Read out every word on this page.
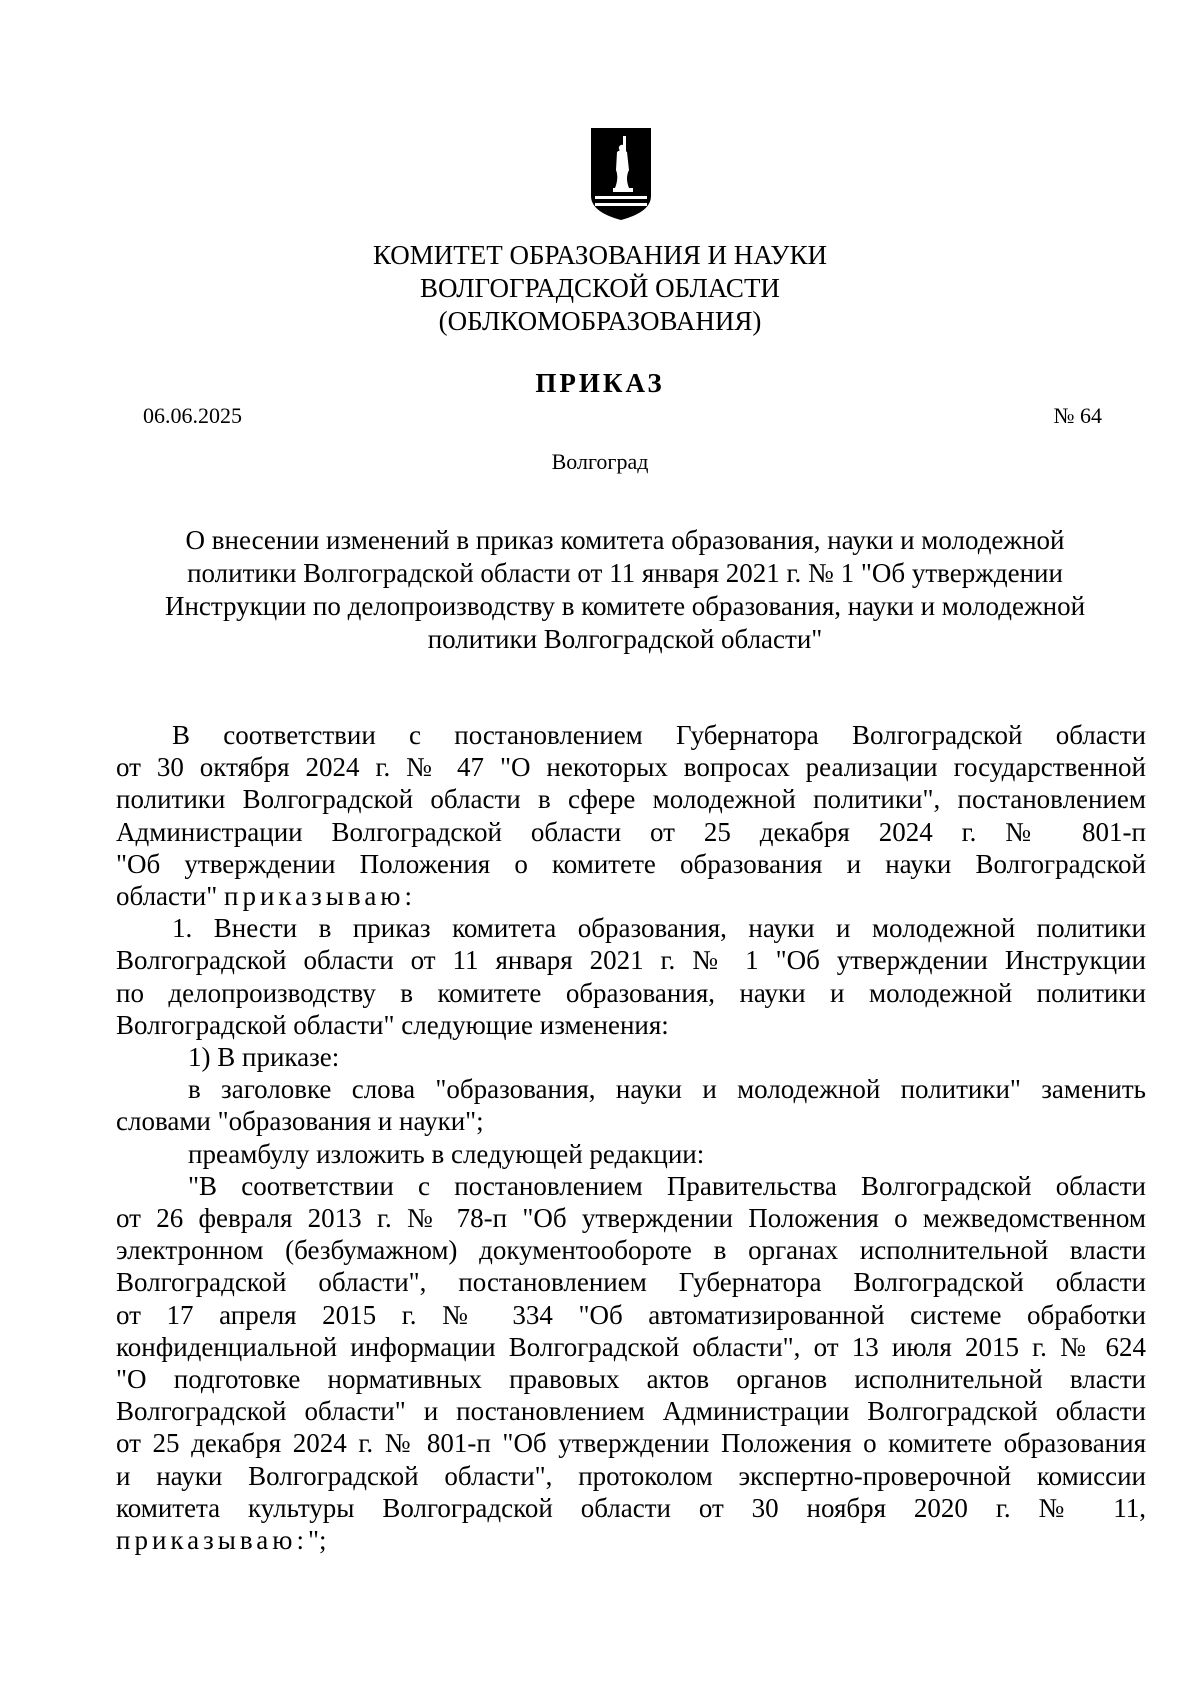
КОМИТЕТ ОБРАЗОВАНИЯ И НАУКИ
ВОЛГОГРАДСКОЙ ОБЛАСТИ
(ОБЛКОМОБРАЗОВАНИЯ)
ПРИКАЗ
06.06.2025	№ 64
Волгоград
О внесении изменений в приказ комитета образования, науки и молодежной
политики Волгоградской области от 11 января 2021 г. № 1 "Об утверждении
Инструкции по делопроизводству в комитете образования, науки и молодежной
политики Волгоградской области"
В соответствии с постановлением Губернатора Волгоградской области
от 30 октября 2024 г. № 47 "О некоторых вопросах реализации государственной
политики Волгоградской области в сфере молодежной политики", постановлением
Администрации Волгоградской области от 25 декабря 2024 г. № 801-п
"Об утверждении Положения о комитете образования и науки Волгоградской
области" приказываю:
1. Внести в приказ комитета образования, науки и молодежной политики
Волгоградской области от 11 января 2021 г. № 1 "Об утверждении Инструкции
по делопроизводству в комитете образования, науки и молодежной политики
Волгоградской области" следующие изменения:
1) В приказе:
в заголовке слова "образования, науки и молодежной политики" заменить
словами "образования и науки";
преамбулу изложить в следующей редакции:
"В соответствии с постановлением Правительства Волгоградской области
от 26 февраля 2013 г. № 78-п "Об утверждении Положения о межведомственном
электронном (безбумажном) документообороте в органах исполнительной власти
Волгоградской области", постановлением Губернатора Волгоградской области
от 17 апреля 2015 г. № 334 "Об автоматизированной системе обработки
конфиденциальной информации Волгоградской области", от 13 июля 2015 г. № 624
"О подготовке нормативных правовых актов органов исполнительной власти
Волгоградской области" и постановлением Администрации Волгоградской области
от 25 декабря 2024 г. № 801-п "Об утверждении Положения о комитете образования
и науки Волгоградской области", протоколом экспертно-проверочной комиссии
комитета культуры Волгоградской области от 30 ноября 2020 г. № 11,
приказываю:";
